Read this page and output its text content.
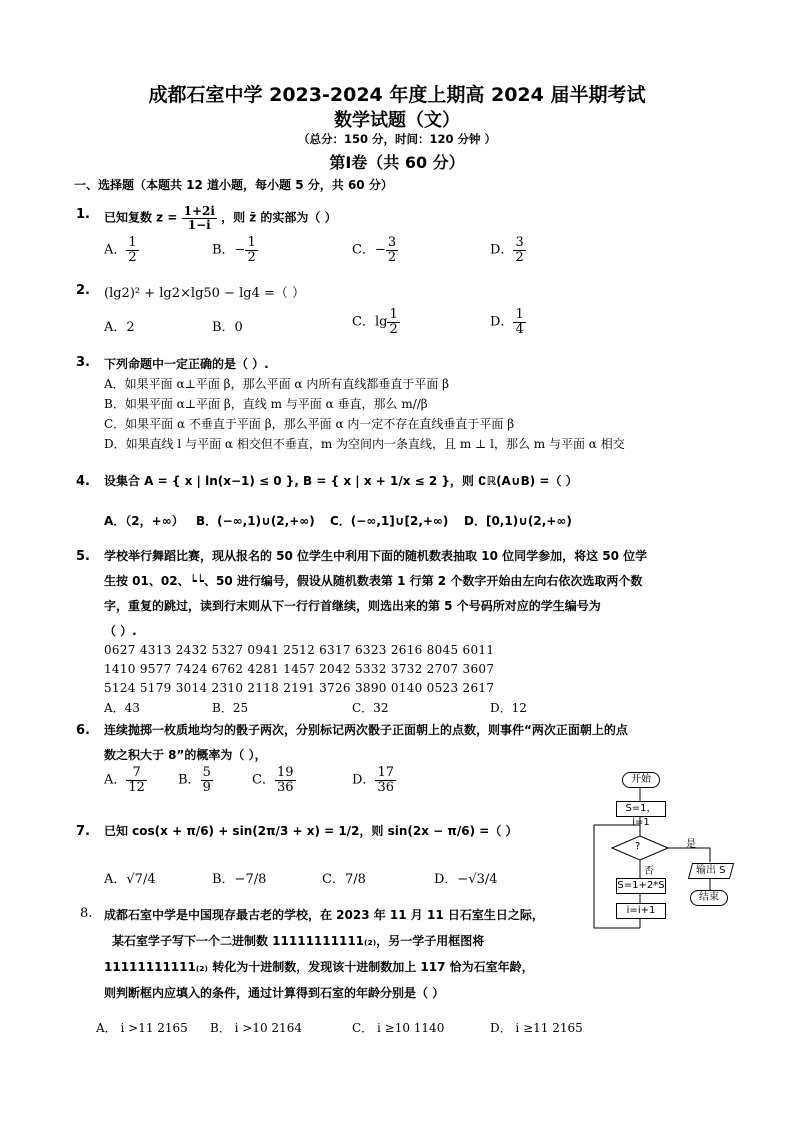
成都石室中学 2023-2024 年度上期高 2024 届半期考试
数学试题（文）
（总分：150 分，时间：120 分钟 ）
第Ⅰ卷（共 60 分）
一、选择题（本题共 12 道小题，每小题 5 分，共 60 分）
1. 已知复数 $z = \frac{1+2i}{1-i}$ ，则 z̄ 的实部为（ ）
A． $\frac{1}{2}$	B．− $\frac{1}{2}$	C．− $\frac{3}{2}$	D． $\frac{3}{2}$
2. (lg2)² + lg2×lg50 − lg4 =（ ）
A．2	B．0	C．$\lg \frac{1}{2}$	D． $\frac{1}{4}$
3. 下列命题中一定正确的是（ ）.
A．如果平面 α⊥平面 β，那么平面 α 内所有直线都垂直于平面 β
B．如果平面 α⊥平面 β，直线 m 与平面 α 垂直，那么 m//β
C．如果平面 α 不垂直于平面 β，那么平面 α 内一定不存在直线垂直于平面 β
D．如果直线 l 与平面 α 相交但不垂直，m 为空间内一条直线，且 m ⊥ l，那么 m 与平面 α 相交
4. 设集合 A = { x | ln(x−1) ≤ 0 }, B = { x | x + 1/x ≤ 2 }，则 ∁ℝ(A∪B) =（ ）
A．（2，+∞） B．(−∞,1)∪(2,+∞) C．(−∞,1]∪[2,+∞) D．[0,1)∪(2,+∞)
5. 学校举行舞蹈比赛，现从报名的 50 位学生中利用下面的随机数表抽取 10 位同学参加，将这 50 位学
生按 01、02、┕┕、50 进行编号，假设从随机数表第 1 行第 2 个数字开始由左向右依次选取两个数
字，重复的跳过，读到行末则从下一行行首继续，则选出来的第 5 个号码所对应的学生编号为
（ ）.
0627 4313 2432 5327 0941 2512 6317 6323 2616 8045 6011
1410 9577 7424 6762 4281 1457 2042 5332 3732 2707 3607
5124 5179 3014 2310 2118 2191 3726 3890 0140 0523 2617
A．43	B．25	C．32	D．12
6. 连续抛掷一枚质地均匀的骰子两次，分别标记两次骰子正面朝上的点数，则事件“两次正面朝上的点
数之积大于 8”的概率为（ ），
A． $\frac{7}{12}$ B． $\frac{5}{9}$	C． $\frac{19}{36}$	D． $\frac{17}{36}$
7. 已知 cos(x + π/6) + sin(2π/3 + x) = 1/2，则 sin(2x − π/6) =（ ）
A．√7/4	B．−7/8	C．7/8	D．−√3/4
8. 成都石室中学是中国现存最古老的学校，在 2023 年 11 月 11 日石室生日之际，
某石室学子写下一个二进制数 11111111111₍₂₎，另一学子用框图将
11111111111₍₂₎ 转化为十进制数，发现该十进制数加上 117 恰为石室年龄，
则判断框内应填入的条件，通过计算得到石室的年龄分别是（ ）
A． i >11 2165 B． i >10 2164	C． i ≥10 1140	D． i ≥11 2165
开始
S=1，i=1
?	是
否	输出 S
S=1+2*S
结束
i=i+1
